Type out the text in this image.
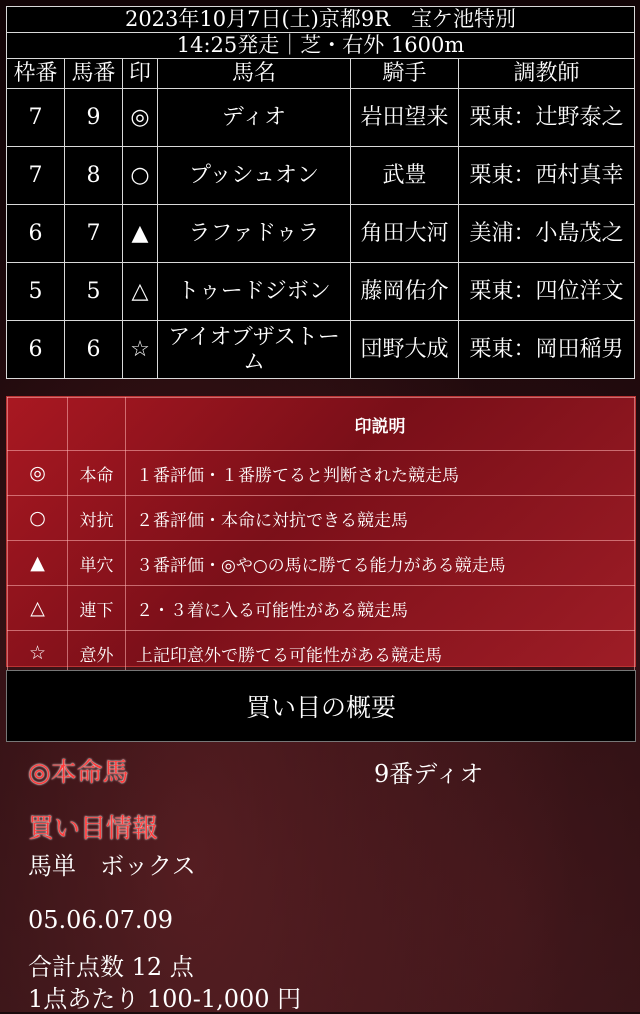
2023年10月7日(土)京都9R　宝ケ池特別					
14:25発走｜芝・右外 1600m					
枠番	馬番	印	馬名	騎手	調教師
7	9	◎	ディオ	岩田望来	栗東：辻野泰之
7	8	○	プッシュオン	武豊	栗東：西村真幸
6	7	▲	ラファドゥラ	角田大河	美浦：小島茂之
5	5	△	トゥードジボン	藤岡佑介	栗東：四位洋文
6	6	☆	アイオブザストーム	団野大成	栗東：岡田稲男
		印説明
◎	本命	１番評価・１番勝てると判断された競走馬
○	対抗	２番評価・本命に対抗できる競走馬
▲	単穴	３番評価・◎や○の馬に勝てる能力がある競走馬
△	連下	２・３着に入る可能性がある競走馬
☆	意外	上記印意外で勝てる可能性がある競走馬
買い目の概要
◎本命馬	9番ディオ
買い目情報
馬単　ボックス
05.06.07.09
合計点数 12 点
1点あたり 100-1,000 円
